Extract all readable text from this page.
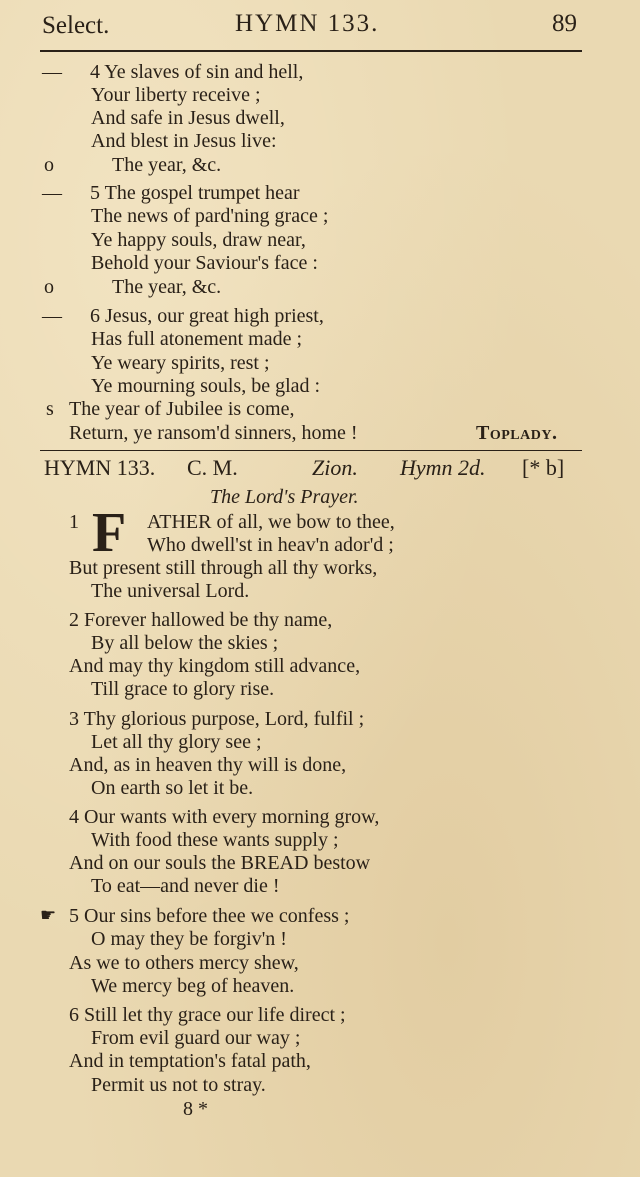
Select.	HYMN 133.	89
— 4 Ye slaves of sin and hell,
Your liberty receive ;
And safe in Jesus dwell,
And blest in Jesus live:
o	The year, &c.
— 5 The gospel trumpet hear
The news of pard'ning grace ;
Ye happy souls, draw near,
Behold your Saviour's face :
o	The year, &c.
— 6 Jesus, our great high priest,
Has full atonement made ;
Ye weary spirits, rest ;
Ye mourning souls, be glad :
s The year of Jubilee is come,
Return, ye ransom'd sinners, home !	Toplady.
HYMN 133. C. M.	Zion. Hymn 2d. [* b]
The Lord's Prayer.
F
1	ATHER of all, we bow to thee,
Who dwell'st in heav'n ador'd ;
But present still through all thy works,
The universal Lord.
2 Forever hallowed be thy name,
By all below the skies ;
And may thy kingdom still advance,
Till grace to glory rise.
3 Thy glorious purpose, Lord, fulfil ;
Let all thy glory see ;
And, as in heaven thy will is done,
On earth so let it be.
4 Our wants with every morning grow,
With food these wants supply ;
And on our souls the BREAD bestow
To eat—and never die !
☛ 5 Our sins before thee we confess ;
O may they be forgiv'n !
As we to others mercy shew,
We mercy beg of heaven.
6 Still let thy grace our life direct ;
From evil guard our way ;
And in temptation's fatal path,
Permit us not to stray.
8 *
